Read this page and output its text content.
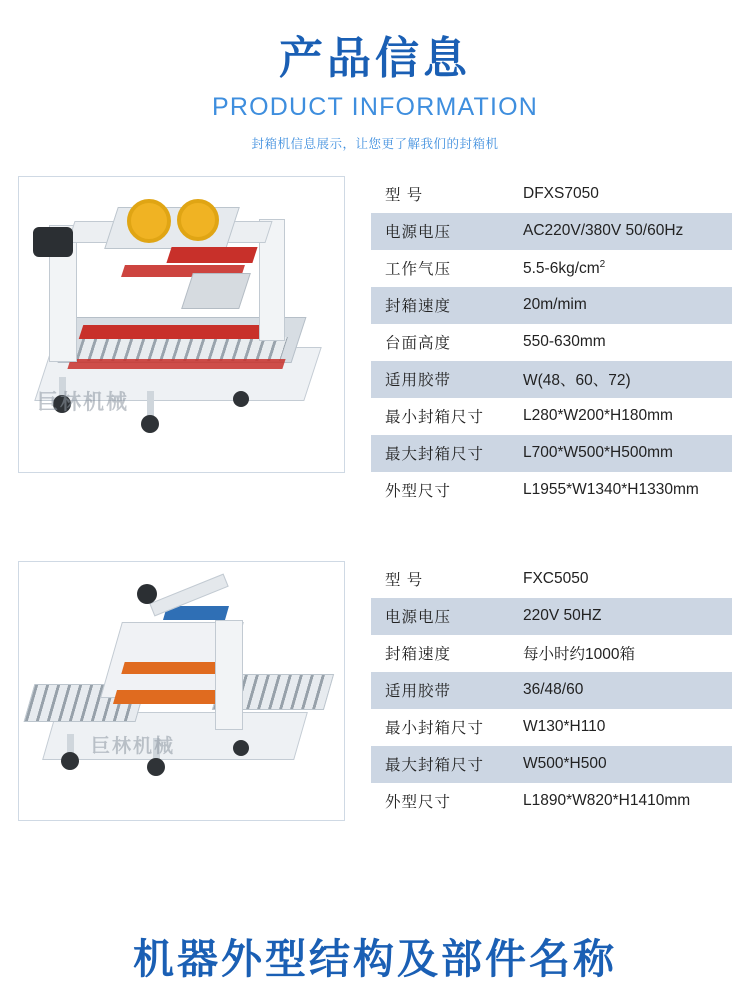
产品信息
PRODUCT INFORMATION
封箱机信息展示，让您更了解我们的封箱机
巨林机械
型 号	DFXS7050
电源电压	AC220V/380V 50/60Hz
工作气压	$5.5-6kg/cm^2$
封箱速度	20m/mim
台面高度	550-630mm
适用胶带	W(48、60、72)
最小封箱尺寸	L280*W200*H180mm
最大封箱尺寸	L700*W500*H500mm
外型尺寸	L1955*W1340*H1330mm
巨林机械
型 号	FXC5050
电源电压	220V 50HZ
封箱速度	每小时约1000箱
适用胶带	36/48/60
最小封箱尺寸	W130*H110
最大封箱尺寸	W500*H500
外型尺寸	L1890*W820*H1410mm
机器外型结构及部件名称
